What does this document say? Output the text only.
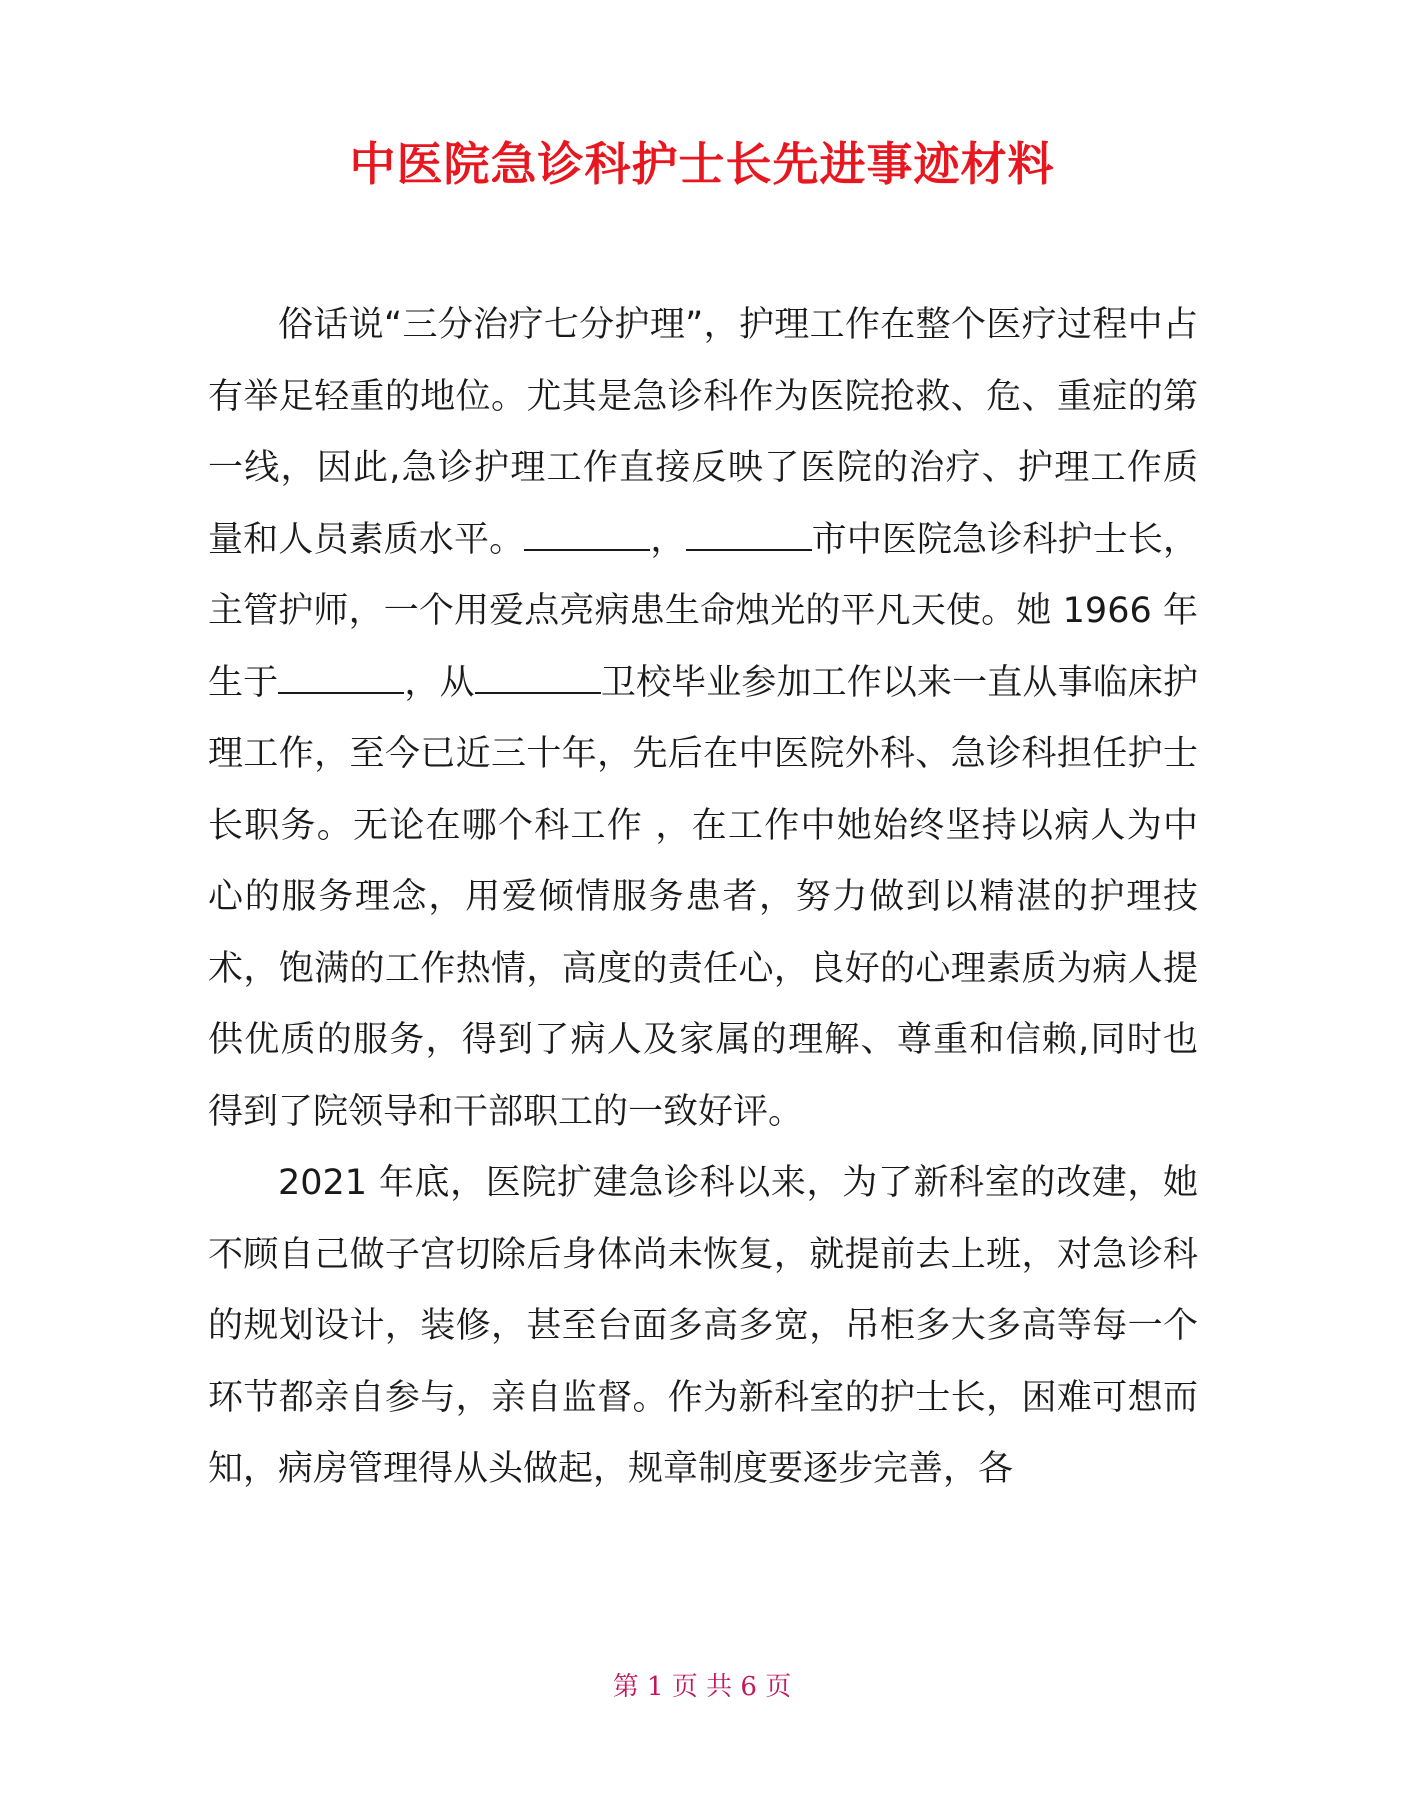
中医院急诊科护士长先进事迹材料

俗话说“三分治疗七分护理”，护理工作在整个医疗过程中占有举足轻重的地位。尤其是急诊科作为医院抢救、危、重症的第一线，因此,急诊护理工作直接反映了医院的治疗、护理工作质量和人员素质水平。	，	市中医院急诊科护士长，主管护师，一个用爱点亮病患生命烛光的平凡天使。她 1966 年生于	，从	卫校毕业参加工作以来一直从事临床护理工作，至今已近三十年，先后在中医院外科、急诊科担任护士长职务。无论在哪个科工作 ，在工作中她始终坚持以病人为中心的服务理念，用爱倾情服务患者，努力做到以精湛的护理技术，饱满的工作热情，高度的责任心，良好的心理素质为病人提供优质的服务，得到了病人及家属的理解、尊重和信赖,同时也得到了院领导和干部职工的一致好评。

2021 年底，医院扩建急诊科以来，为了新科室的改建，她不顾自己做子宫切除后身体尚未恢复，就提前去上班，对急诊科的规划设计，装修，甚至台面多高多宽，吊柜多大多高等每一个环节都亲自参与，亲自监督。作为新科室的护士长，困难可想而知，病房管理得从头做起，规章制度要逐步完善，各

第 1 页 共 6 页
